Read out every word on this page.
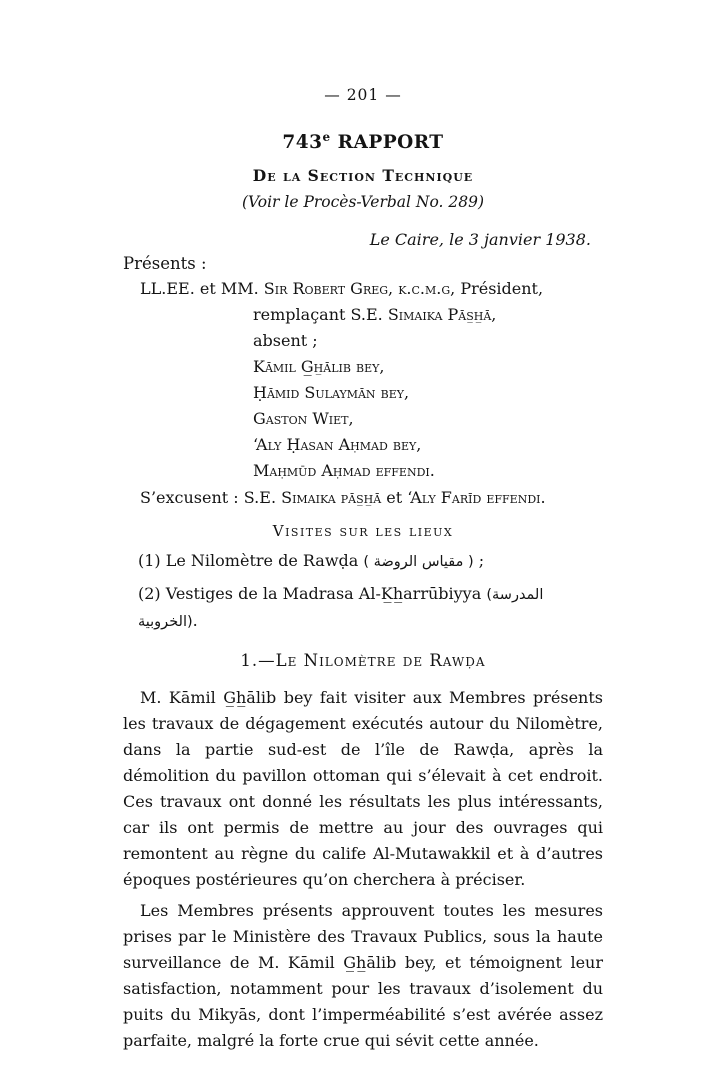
— 201 —
743e RAPPORT
De la Section Technique
(Voir le Procès-Verbal No. 289)
Le Caire, le 3 janvier 1938.
Présents :
LL.EE. et MM. Sir Robert Greg, k.c.m.g, Président,
remplaçant S.E. Simaika Pās̲h̲ā,
absent ;
Kāmil G̲h̲ālib bey,
Ḥāmid Sulaymān bey,
Gaston Wiet,
‘Aly Ḥasan Aḥmad bey,
Maḥmūd Aḥmad effendi.
S’excusent : S.E. Simaika pās̲h̲ā et ‘Aly Farīd effendi.
Visites sur les lieux
(1) Le Nilomètre de Rawḍa ( مقياس الروضة ) ;
(2) Vestiges de la Madrasa Al-K̲h̲arrūbiyya (المدرسة الخروبية).
1.—Le Nilomètre de Rawḍa

M. Kāmil G̲h̲ālib bey fait visiter aux Membres présents les travaux de dégagement exécutés autour du Nilomètre, dans la partie sud-est de l’île de Rawḍa, après la démolition du pavillon ottoman qui s’élevait à cet endroit. Ces travaux ont donné les résultats les plus intéressants, car ils ont permis de mettre au jour des ouvrages qui remontent au règne du calife Al-Mutawakkil et à d’autres époques postérieures qu’on cherchera à préciser.

Les Membres présents approuvent toutes les mesures prises par le Ministère des Travaux Publics, sous la haute surveillance de M. Kāmil G̲h̲ālib bey, et témoignent leur satisfaction, notamment pour les travaux d’isolement du puits du Mikyās, dont l’imperméabilité s’est avérée assez parfaite, malgré la forte crue qui sévit cette année.
